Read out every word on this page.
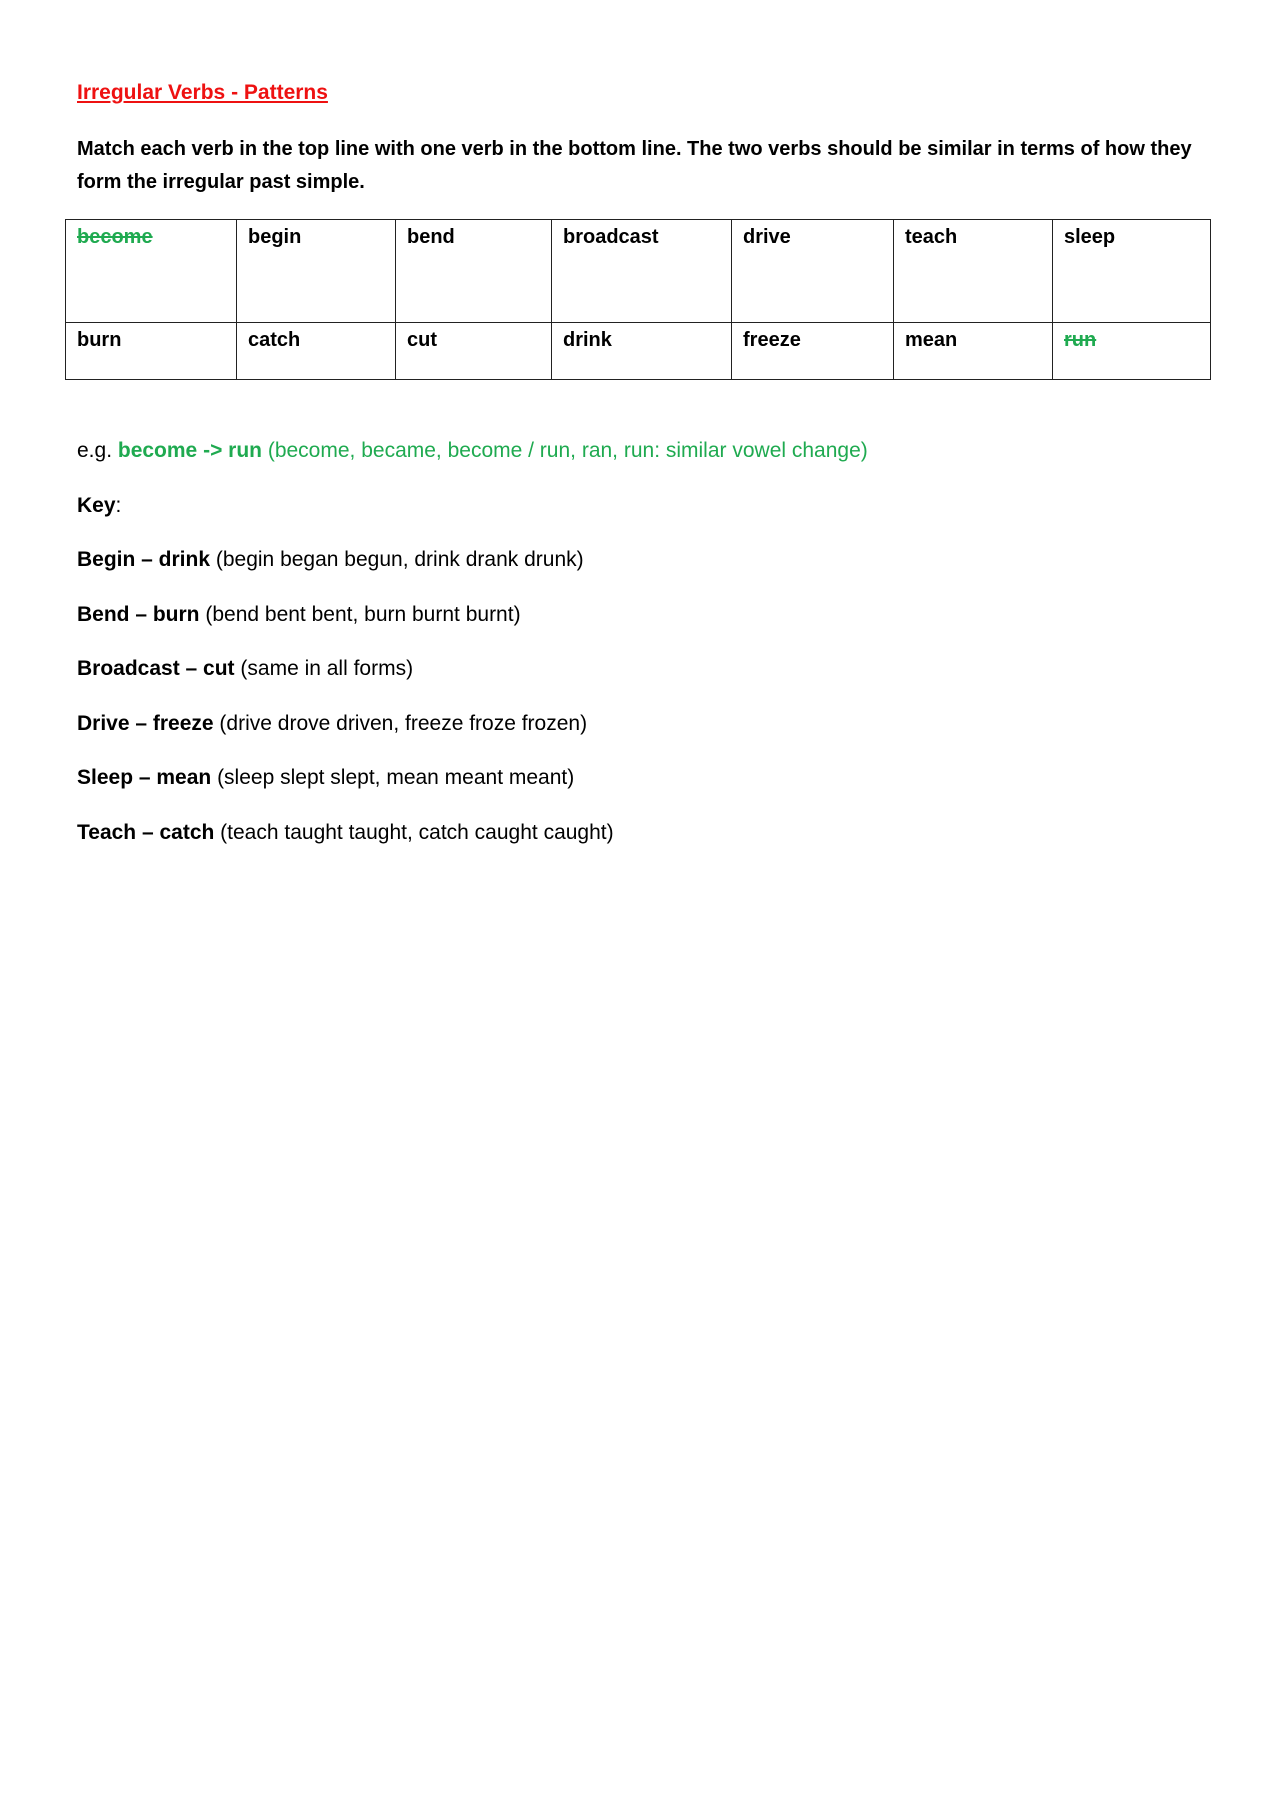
Irregular Verbs - Patterns

Match each verb in the top line with one verb in the bottom line. The two verbs should be similar in terms of how they form the irregular past simple.

become	begin	bend	broadcast	drive	teach	sleep
burn	catch	cut	drink	freeze	mean	run

e.g. become -> run (become, became, become / run, ran, run: similar vowel change)

Key:

Begin – drink (begin began begun, drink drank drunk)
Bend – burn (bend bent bent, burn burnt burnt)
Broadcast – cut (same in all forms)
Drive – freeze (drive drove driven, freeze froze frozen)
Sleep – mean (sleep slept slept, mean meant meant)
Teach – catch (teach taught taught, catch caught caught)
